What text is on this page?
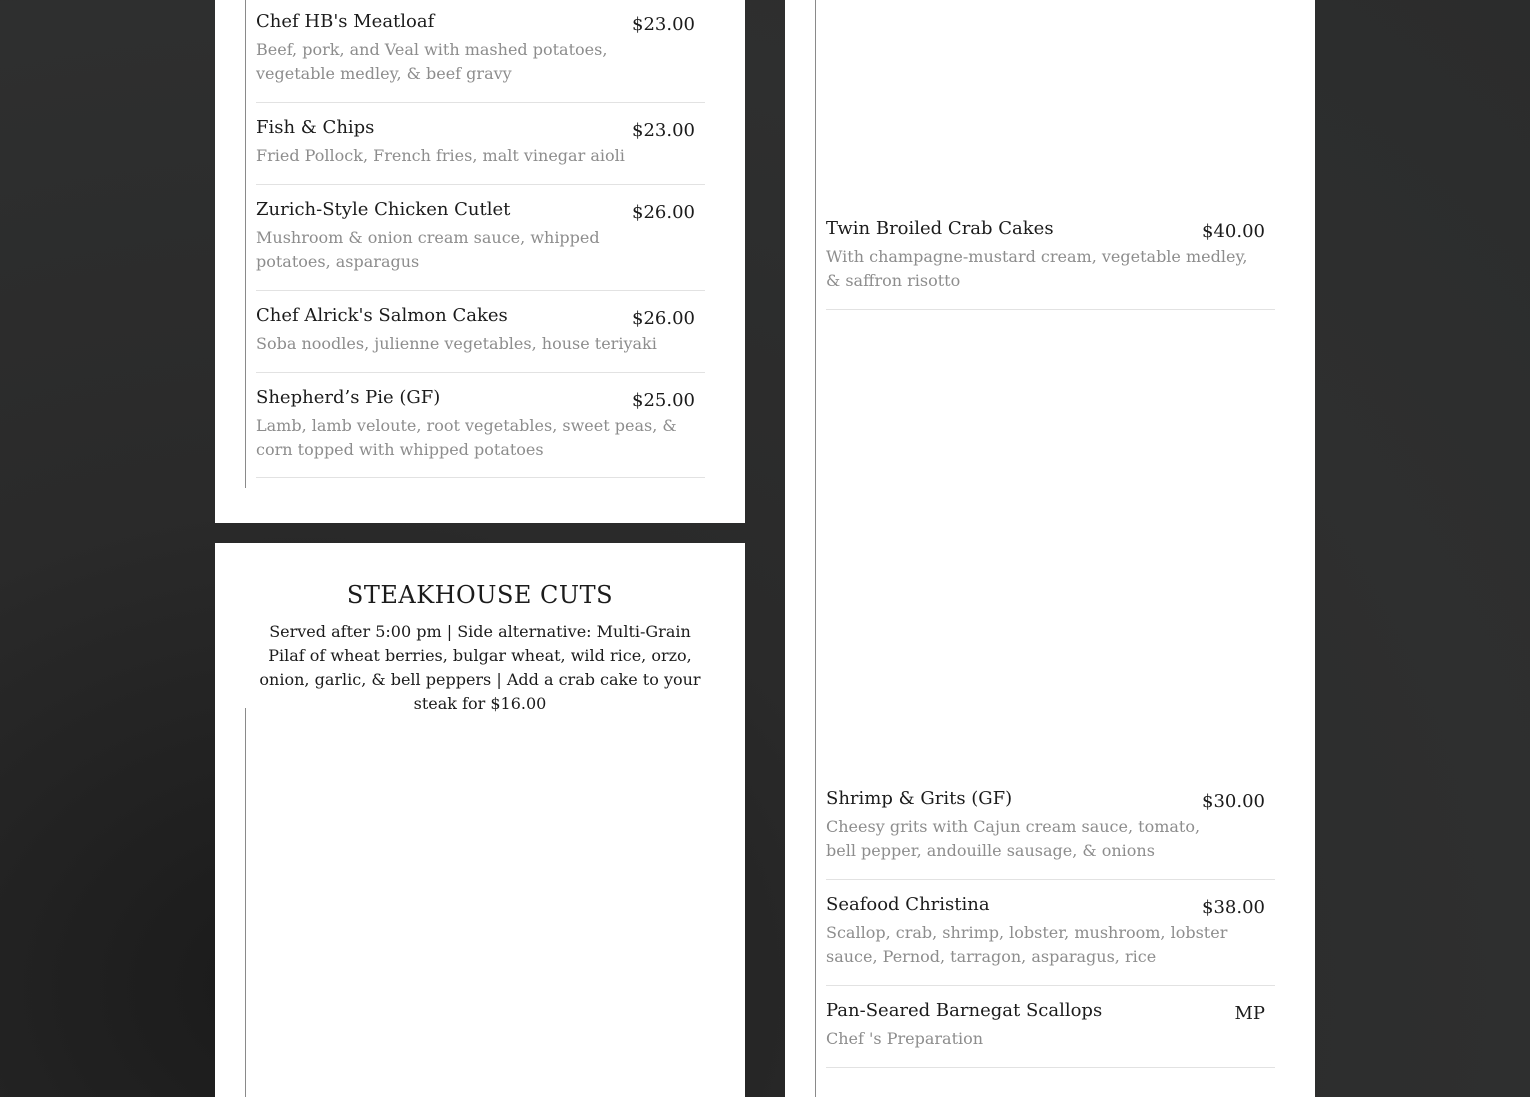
Chef HB's Meatloaf	$23.00
Beef, pork, and Veal with mashed potatoes, vegetable medley, & beef gravy
Fish & Chips	$23.00
Fried Pollock, French fries, malt vinegar aioli
Zurich-Style Chicken Cutlet	$26.00
Mushroom & onion cream sauce, whipped potatoes, asparagus
Chef Alrick's Salmon Cakes	$26.00
Soba noodles, julienne vegetables, house teriyaki
Shepherd’s Pie (GF)	$25.00
Lamb, lamb veloute, root vegetables, sweet peas, & corn topped with whipped potatoes
STEAKHOUSE CUTS
Served after 5:00 pm | Side alternative: Multi-Grain Pilaf of wheat berries, bulgar wheat, wild rice, orzo, onion, garlic, & bell peppers | Add a crab cake to your steak for $16.00
Twin Broiled Crab Cakes	$40.00
With champagne-mustard cream, vegetable medley, & saffron risotto
Shrimp & Grits (GF)	$30.00
Cheesy grits with Cajun cream sauce, tomato, bell pepper, andouille sausage, & onions
Seafood Christina	$38.00
Scallop, crab, shrimp, lobster, mushroom, lobster sauce, Pernod, tarragon, asparagus, rice
Pan-Seared Barnegat Scallops	MP
Chef 's Preparation
